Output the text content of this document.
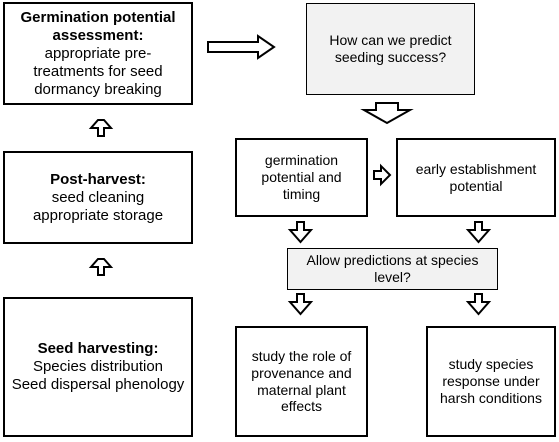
Germination potential assessment:
appropriate pre-treatments for seed dormancy breaking
Post-harvest:
seed cleaning
appropriate storage
Seed harvesting:
Species distribution
Seed dispersal phenology
How can we predict seeding success?
germination potential and timing
early establishment potential
Allow predictions at species level?
study the role of provenance and maternal plant effects
study species response under harsh conditions
